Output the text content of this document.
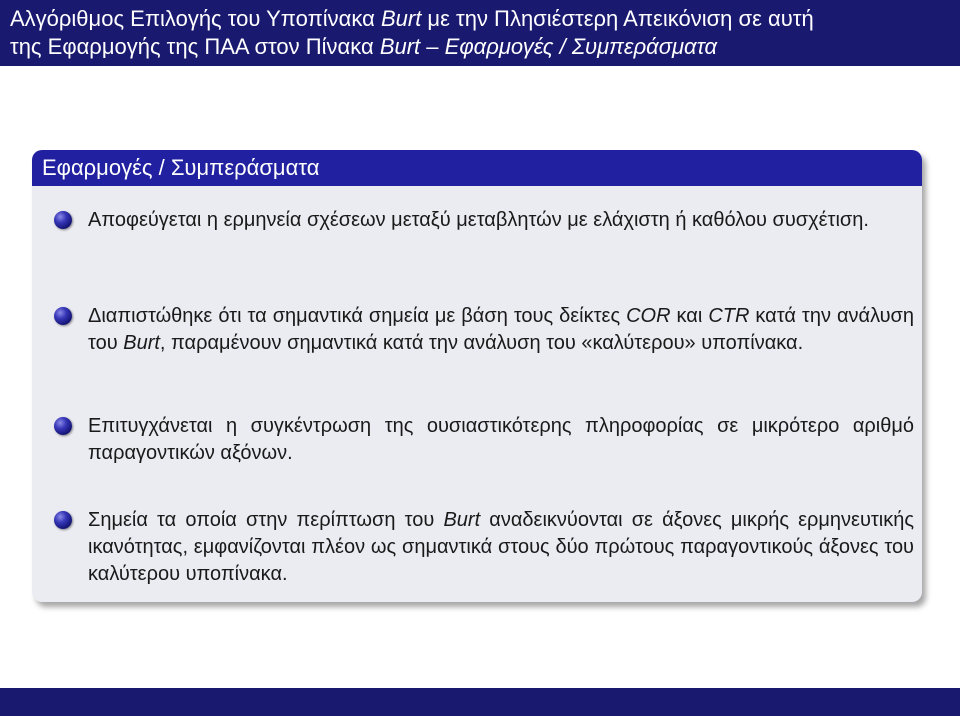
Αλγόριθμος Επιλογής του Υποπίνακα Burt με την Πλησιέστερη Απεικόνιση σε αυτή
της Εφαρμογής της ΠΑΑ στον Πίνακα Burt – Εφαρμογές / Συμπεράσματα
Εφαρμογές / Συμπεράσματα
Αποφεύγεται η ερμηνεία σχέσεων μεταξύ μεταβλητών με ελάχιστη ή καθόλου συσχέτιση.
Διαπιστώθηκε ότι τα σημαντικά σημεία με βάση τους δείκτες COR και CTR κατά την ανάλυση του Burt, παραμένουν σημαντικά κατά την ανάλυση του «καλύτερου» υποπίνακα.
Επιτυγχάνεται η συγκέντρωση της ουσιαστικότερης πληροφορίας σε μικρότερο αριθμό παραγοντικών αξόνων.
Σημεία τα οποία στην περίπτωση του Burt αναδεικνύονται σε άξονες μικρής ερμηνευτικής ικανότητας, εμφανίζονται πλέον ως σημαντικά στους δύο πρώτους παραγοντικούς άξονες του καλύτερου υποπίνακα.
